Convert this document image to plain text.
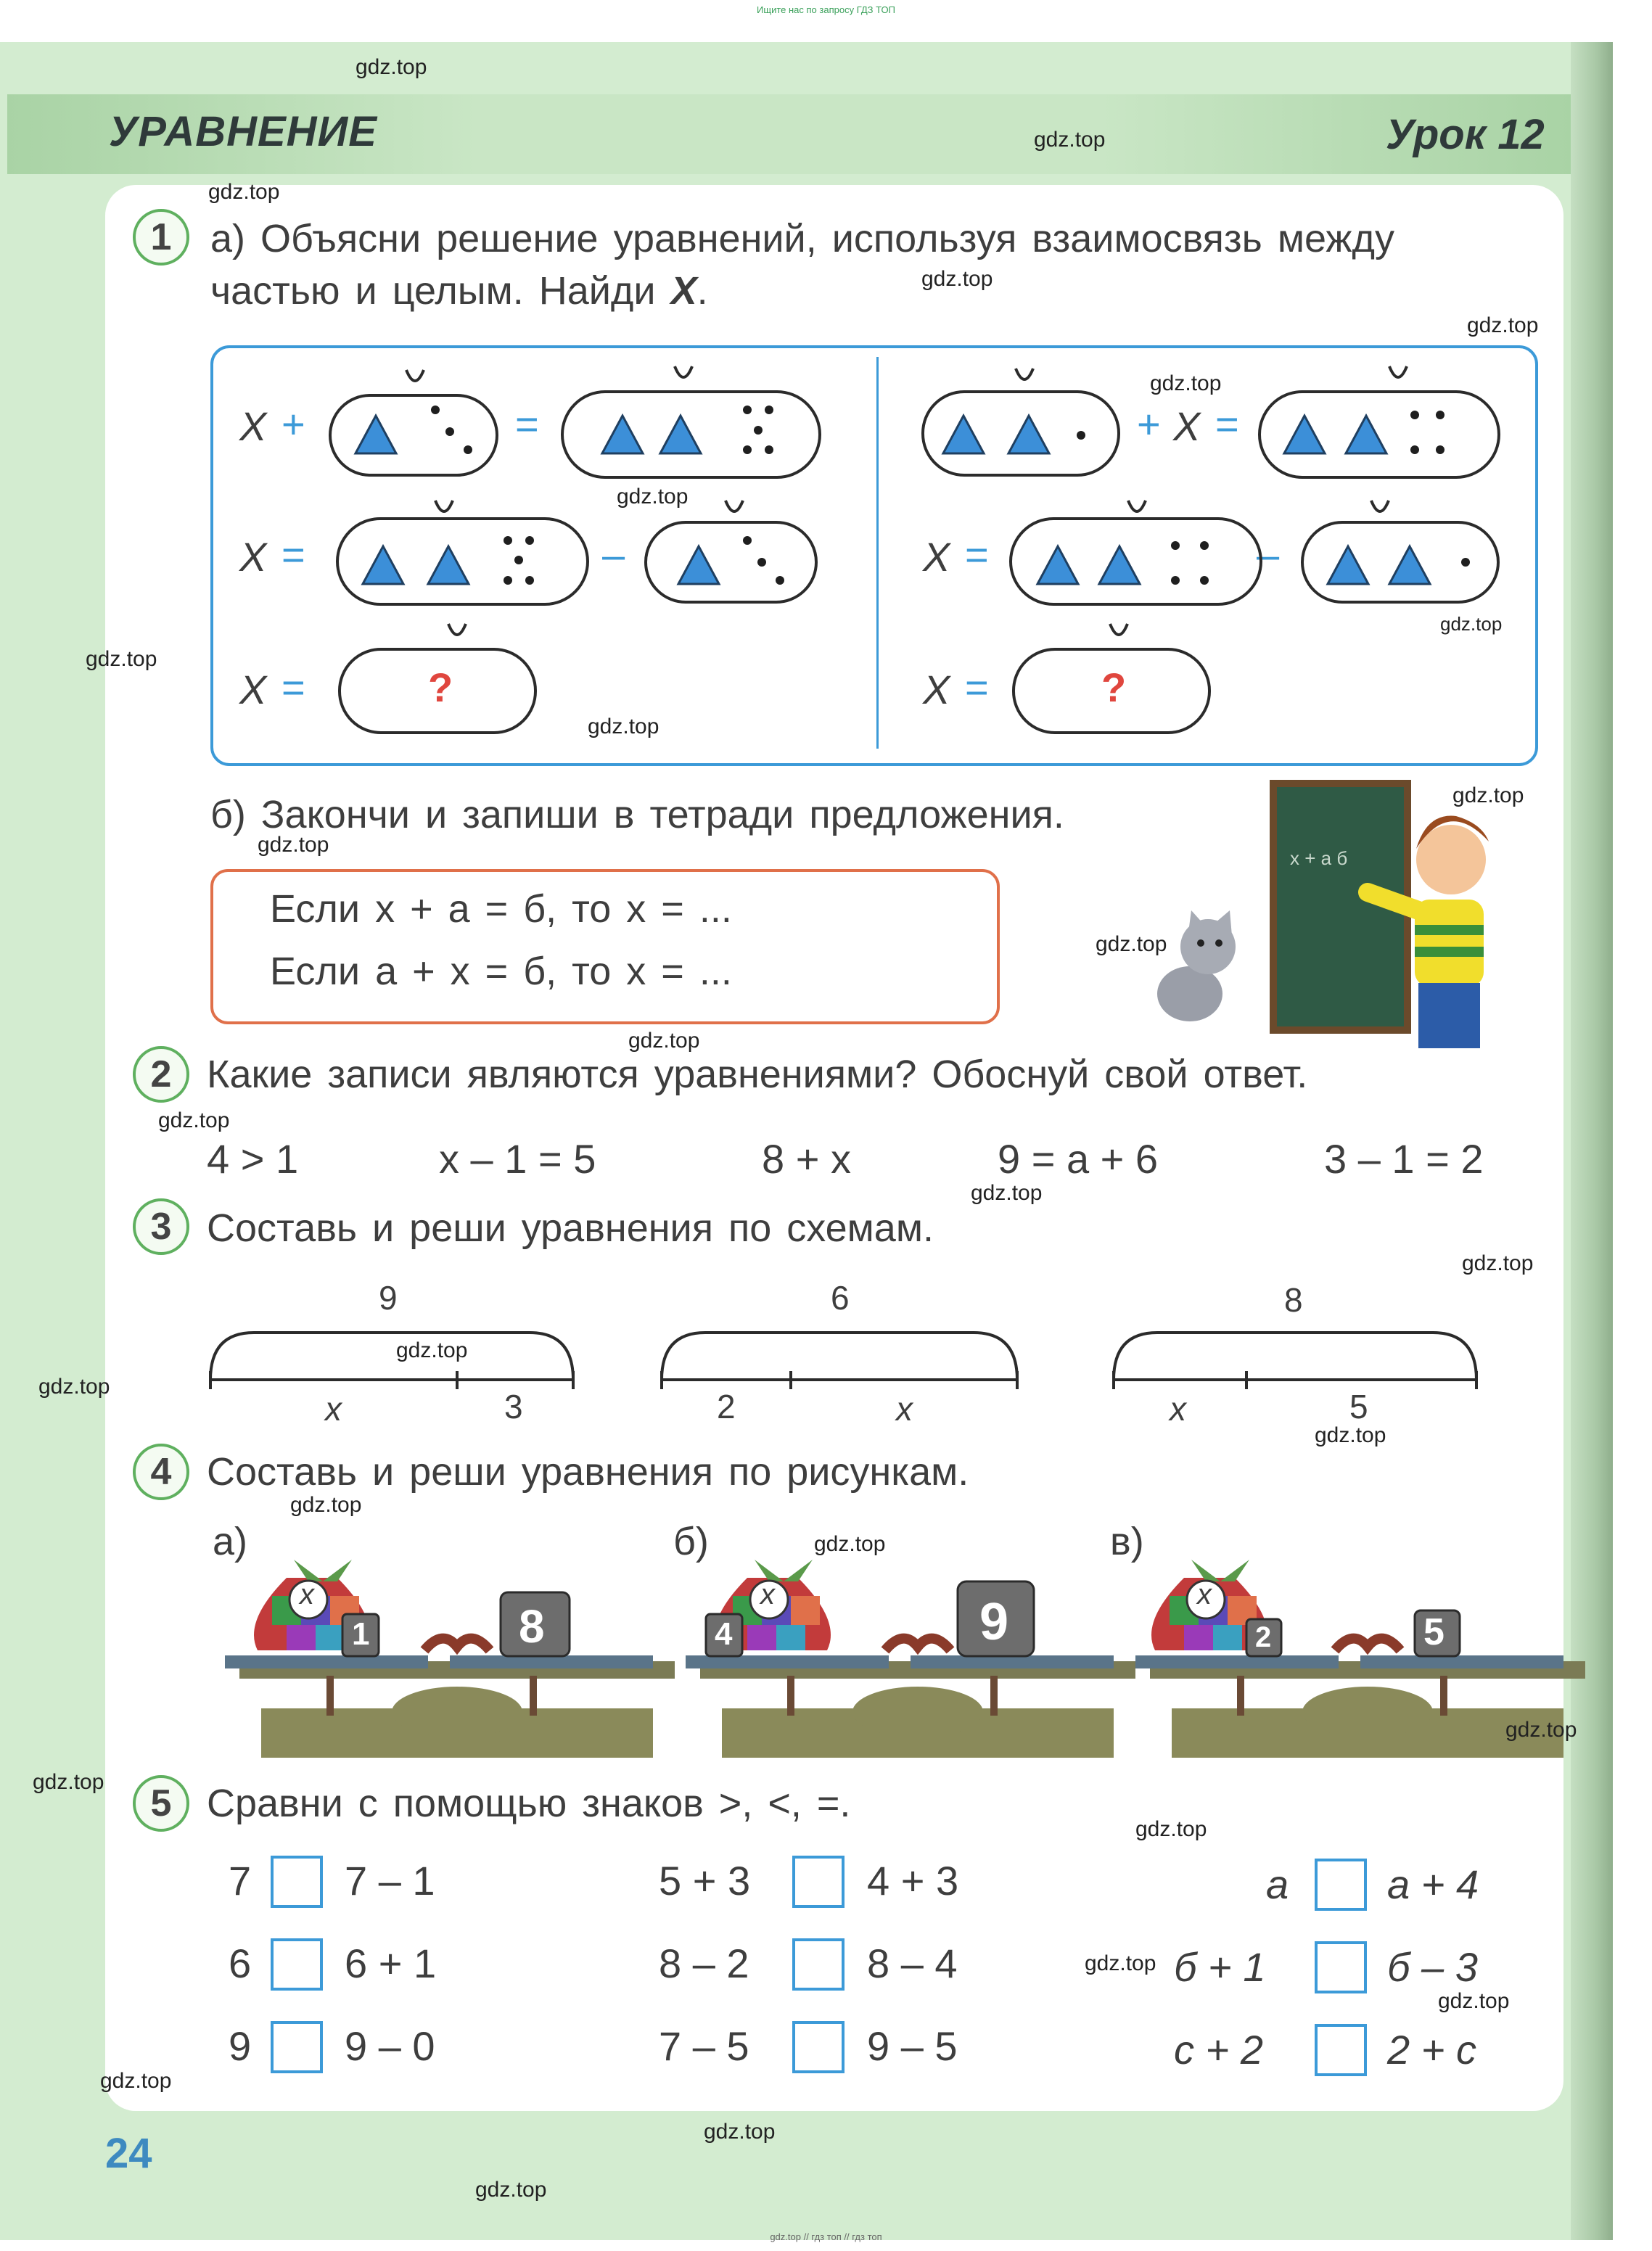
Ищите нас по запросу ГДЗ ТОП
УРАВНЕНИЕ	Урок 12
1 а) Объясни решение уравнений, используя взаимосвязь между
частью и целым. Найди X.
X +	=
X =	–
X =	?
+ X =
X =	–
X =	?
б) Закончи и запиши в тетради предложения.
Если x + a = б, то x = ...
Если a + x = б, то x = ...
x + a б
2 Какие записи являются уравнениями? Обоснуй свой ответ.
4 > 1	x – 1 = 5	8 + x	9 = a + 6	3 – 1 = 2
3 Составь и реши уравнения по схемам.
9
x	3
6
2	x
8
x	5
4 Составь и реши уравнения по рисункам.
а)
x
1	8
б)
x
4	9
в)
x
2	5
5 Сравни с помощью знаков >, <, =.
7 7 – 1
6 6 + 1
9 9 – 0
5 + 3	4 + 3
8 – 2	8 – 4
7 – 5	9 – 5
a a + 4
б + 1	б – 3
c + 2	2 + c
24
gdz.top
gdz.top
gdz.top
gdz.top
gdz.top
gdz.top
gdz.top
gdz.top
gdz.top
gdz.top
gdz.top
gdz.top
gdz.top
gdz.top
gdz.top
gdz.top
gdz.top
gdz.top
gdz.top
gdz.top
gdz.top
gdz.top
gdz.top
gdz.top
gdz.top
gdz.top
gdz.top
gdz.top
gdz.top
gdz.top
gdz.top // гдз топ // гдз топ
